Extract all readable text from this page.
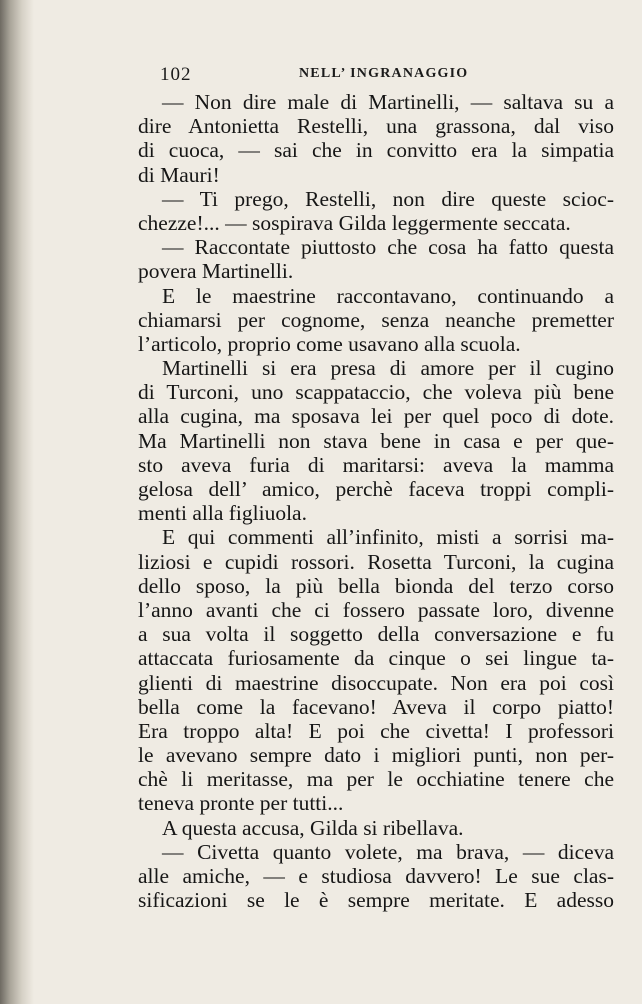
102	NELL’ INGRANAGGIO
— Non dire male di Martinelli, — saltava su a
dire Antonietta Restelli, una grassona, dal viso
di cuoca, — sai che in convitto era la simpatia
di Mauri!
— Ti prego, Restelli, non dire queste scioc-
chezze!... — sospirava Gilda leggermente seccata.
— Raccontate piuttosto che cosa ha fatto questa
povera Martinelli.
E le maestrine raccontavano, continuando a
chiamarsi per cognome, senza neanche premetter
l’articolo, proprio come usavano alla scuola.
Martinelli si era presa di amore per il cugino
di Turconi, uno scappataccio, che voleva più bene
alla cugina, ma sposava lei per quel poco di dote.
Ma Martinelli non stava bene in casa e per que-
sto aveva furia di maritarsi: aveva la mamma
gelosa dell’ amico, perchè faceva troppi compli-
menti alla figliuola.
E qui commenti all’infinito, misti a sorrisi ma-
liziosi e cupidi rossori. Rosetta Turconi, la cugina
dello sposo, la più bella bionda del terzo corso
l’anno avanti che ci fossero passate loro, divenne
a sua volta il soggetto della conversazione e fu
attaccata furiosamente da cinque o sei lingue ta-
glienti di maestrine disoccupate. Non era poi così
bella come la facevano! Aveva il corpo piatto!
Era troppo alta! E poi che civetta! I professori
le avevano sempre dato i migliori punti, non per-
chè li meritasse, ma per le occhiatine tenere che
teneva pronte per tutti...
A questa accusa, Gilda si ribellava.
— Civetta quanto volete, ma brava, — diceva
alle amiche, — e studiosa davvero! Le sue clas-
sificazioni se le è sempre meritate. E adesso
